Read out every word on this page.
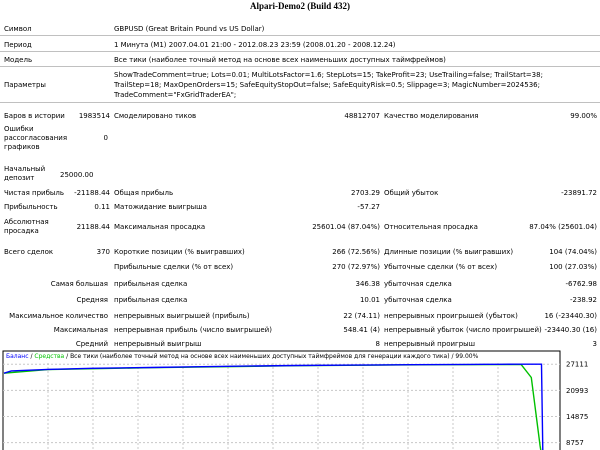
Alpari-Demo2 (Build 432)
Символ	GBPUSD (Great Britain Pound vs US Dollar)
Период	1 Минута (M1) 2007.04.01 21:00 - 2012.08.23 23:59 (2008.01.20 - 2008.12.24)
Модель	Все тики (наиболее точный метод на основе всех наименьших доступных таймфреймов)
Параметры
ShowTradeComment=true; Lots=0.01; MultiLotsFactor=1.6; StepLots=15; TakeProfit=23; UseTrailing=false; TrailStart=38;
TrailStep=18; MaxOpenOrders=15; SafeEquityStopOut=false; SafeEquityRisk=0.5; Slippage=3; MagicNumber=2024536;
TradeComment="FxGridTraderEA";
Баров в истории	1983514 Смоделировано тиков	48812707 Качество моделирования	99.00%
Ошибки
рассогласования
графиков
0
Начальный
депозит	25000.00
Чистая прибыль	-21188.44 Общая прибыль	2703.29 Общий убыток	-23891.72
Прибыльность	0.11 Матожидание выигрыша	-57.27
Абсолютная
просадка	21188.44 Максимальная просадка	25601.04 (87.04%) Относительная просадка	87.04% (25601.04)
Всего сделок	370 Короткие позиции (% выигравших)	266 (72.56%) Длинные позиции (% выигравших)	104 (74.04%)
Прибыльные сделки (% от всех)	270 (72.97%) Убыточные сделки (% от всех)	100 (27.03%)
Самая большая прибыльная сделка	346.38 убыточная сделка	-6762.98
Средняя прибыльная сделка	10.01 убыточная сделка	-238.92
Максимальное количество непрерывных выигрышей (прибыль)	22 (74.11) непрерывных проигрышей (убыток)	16 (-23440.30)
Максимальная непрерывная прибыль (число выигрышей)	548.41 (4) непрерывный убыток (число проигрышей) -23440.30 (16)
Средний непрерывный выигрыш	8 непрерывный проигрыш	3
27111
20993
14875
8757
Баланс / Средства / Все тики (наиболее точный метод на основе всех наименьших доступных таймфреймов для генерации каждого тика) / 99.00%
